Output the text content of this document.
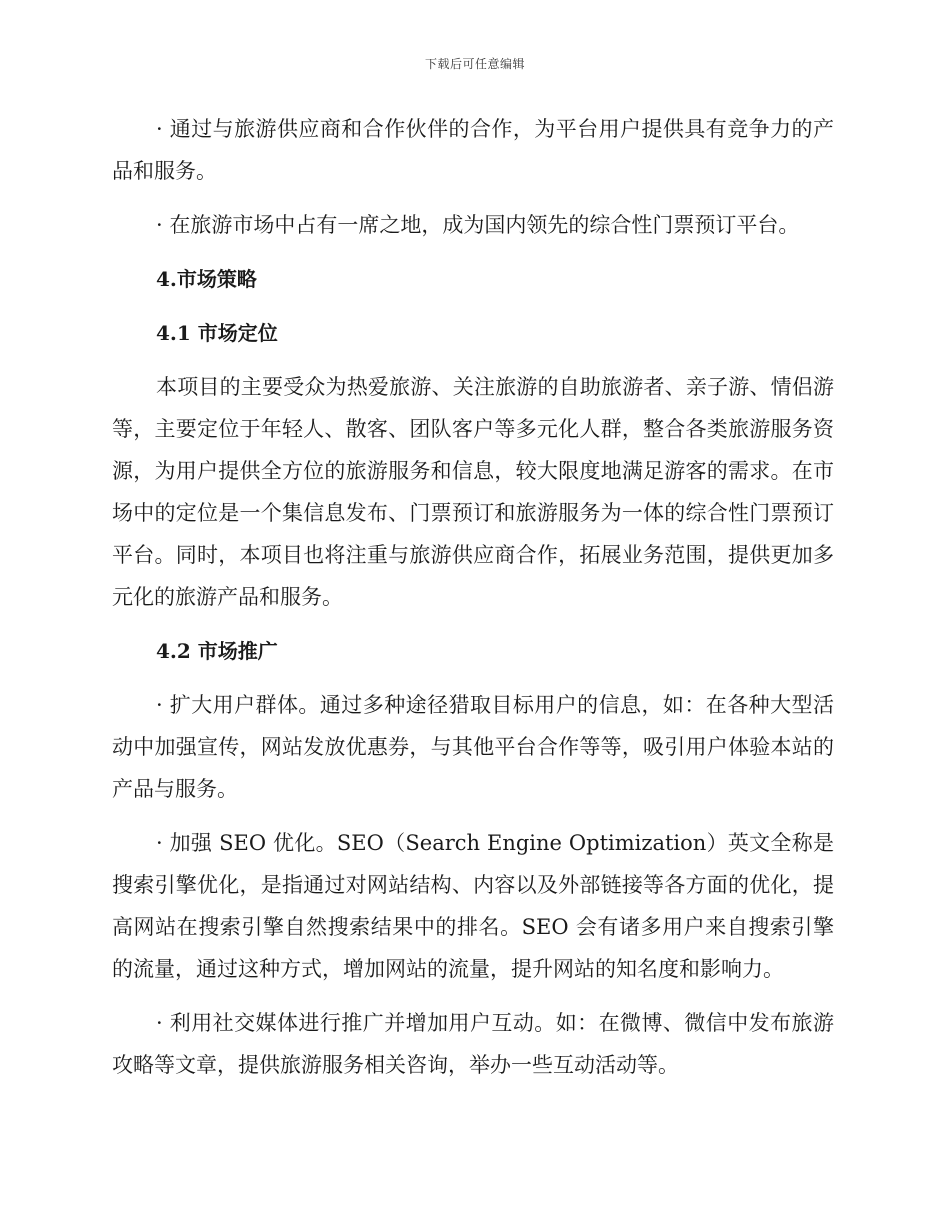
下载后可任意编辑

· 通过与旅游供应商和合作伙伴的合作，为平台用户提供具有竞争力的产品和服务。

· 在旅游市场中占有一席之地，成为国内领先的综合性门票预订平台。

4.市场策略

4.1 市场定位

本项目的主要受众为热爱旅游、关注旅游的自助旅游者、亲子游、情侣游等，主要定位于年轻人、散客、团队客户等多元化人群，整合各类旅游服务资源，为用户提供全方位的旅游服务和信息，较大限度地满足游客的需求。在市场中的定位是一个集信息发布、门票预订和旅游服务为一体的综合性门票预订平台。同时，本项目也将注重与旅游供应商合作，拓展业务范围，提供更加多元化的旅游产品和服务。

4.2 市场推广

· 扩大用户群体。通过多种途径猎取目标用户的信息，如：在各种大型活动中加强宣传，网站发放优惠券，与其他平台合作等等，吸引用户体验本站的产品与服务。

· 加强 SEO 优化。SEO（Search Engine Optimization）英文全称是搜索引擎优化，是指通过对网站结构、内容以及外部链接等各方面的优化，提高网站在搜索引擎自然搜索结果中的排名。SEO 会有诸多用户来自搜索引擎的流量，通过这种方式，增加网站的流量，提升网站的知名度和影响力。

· 利用社交媒体进行推广并增加用户互动。如：在微博、微信中发布旅游攻略等文章，提供旅游服务相关咨询，举办一些互动活动等。
